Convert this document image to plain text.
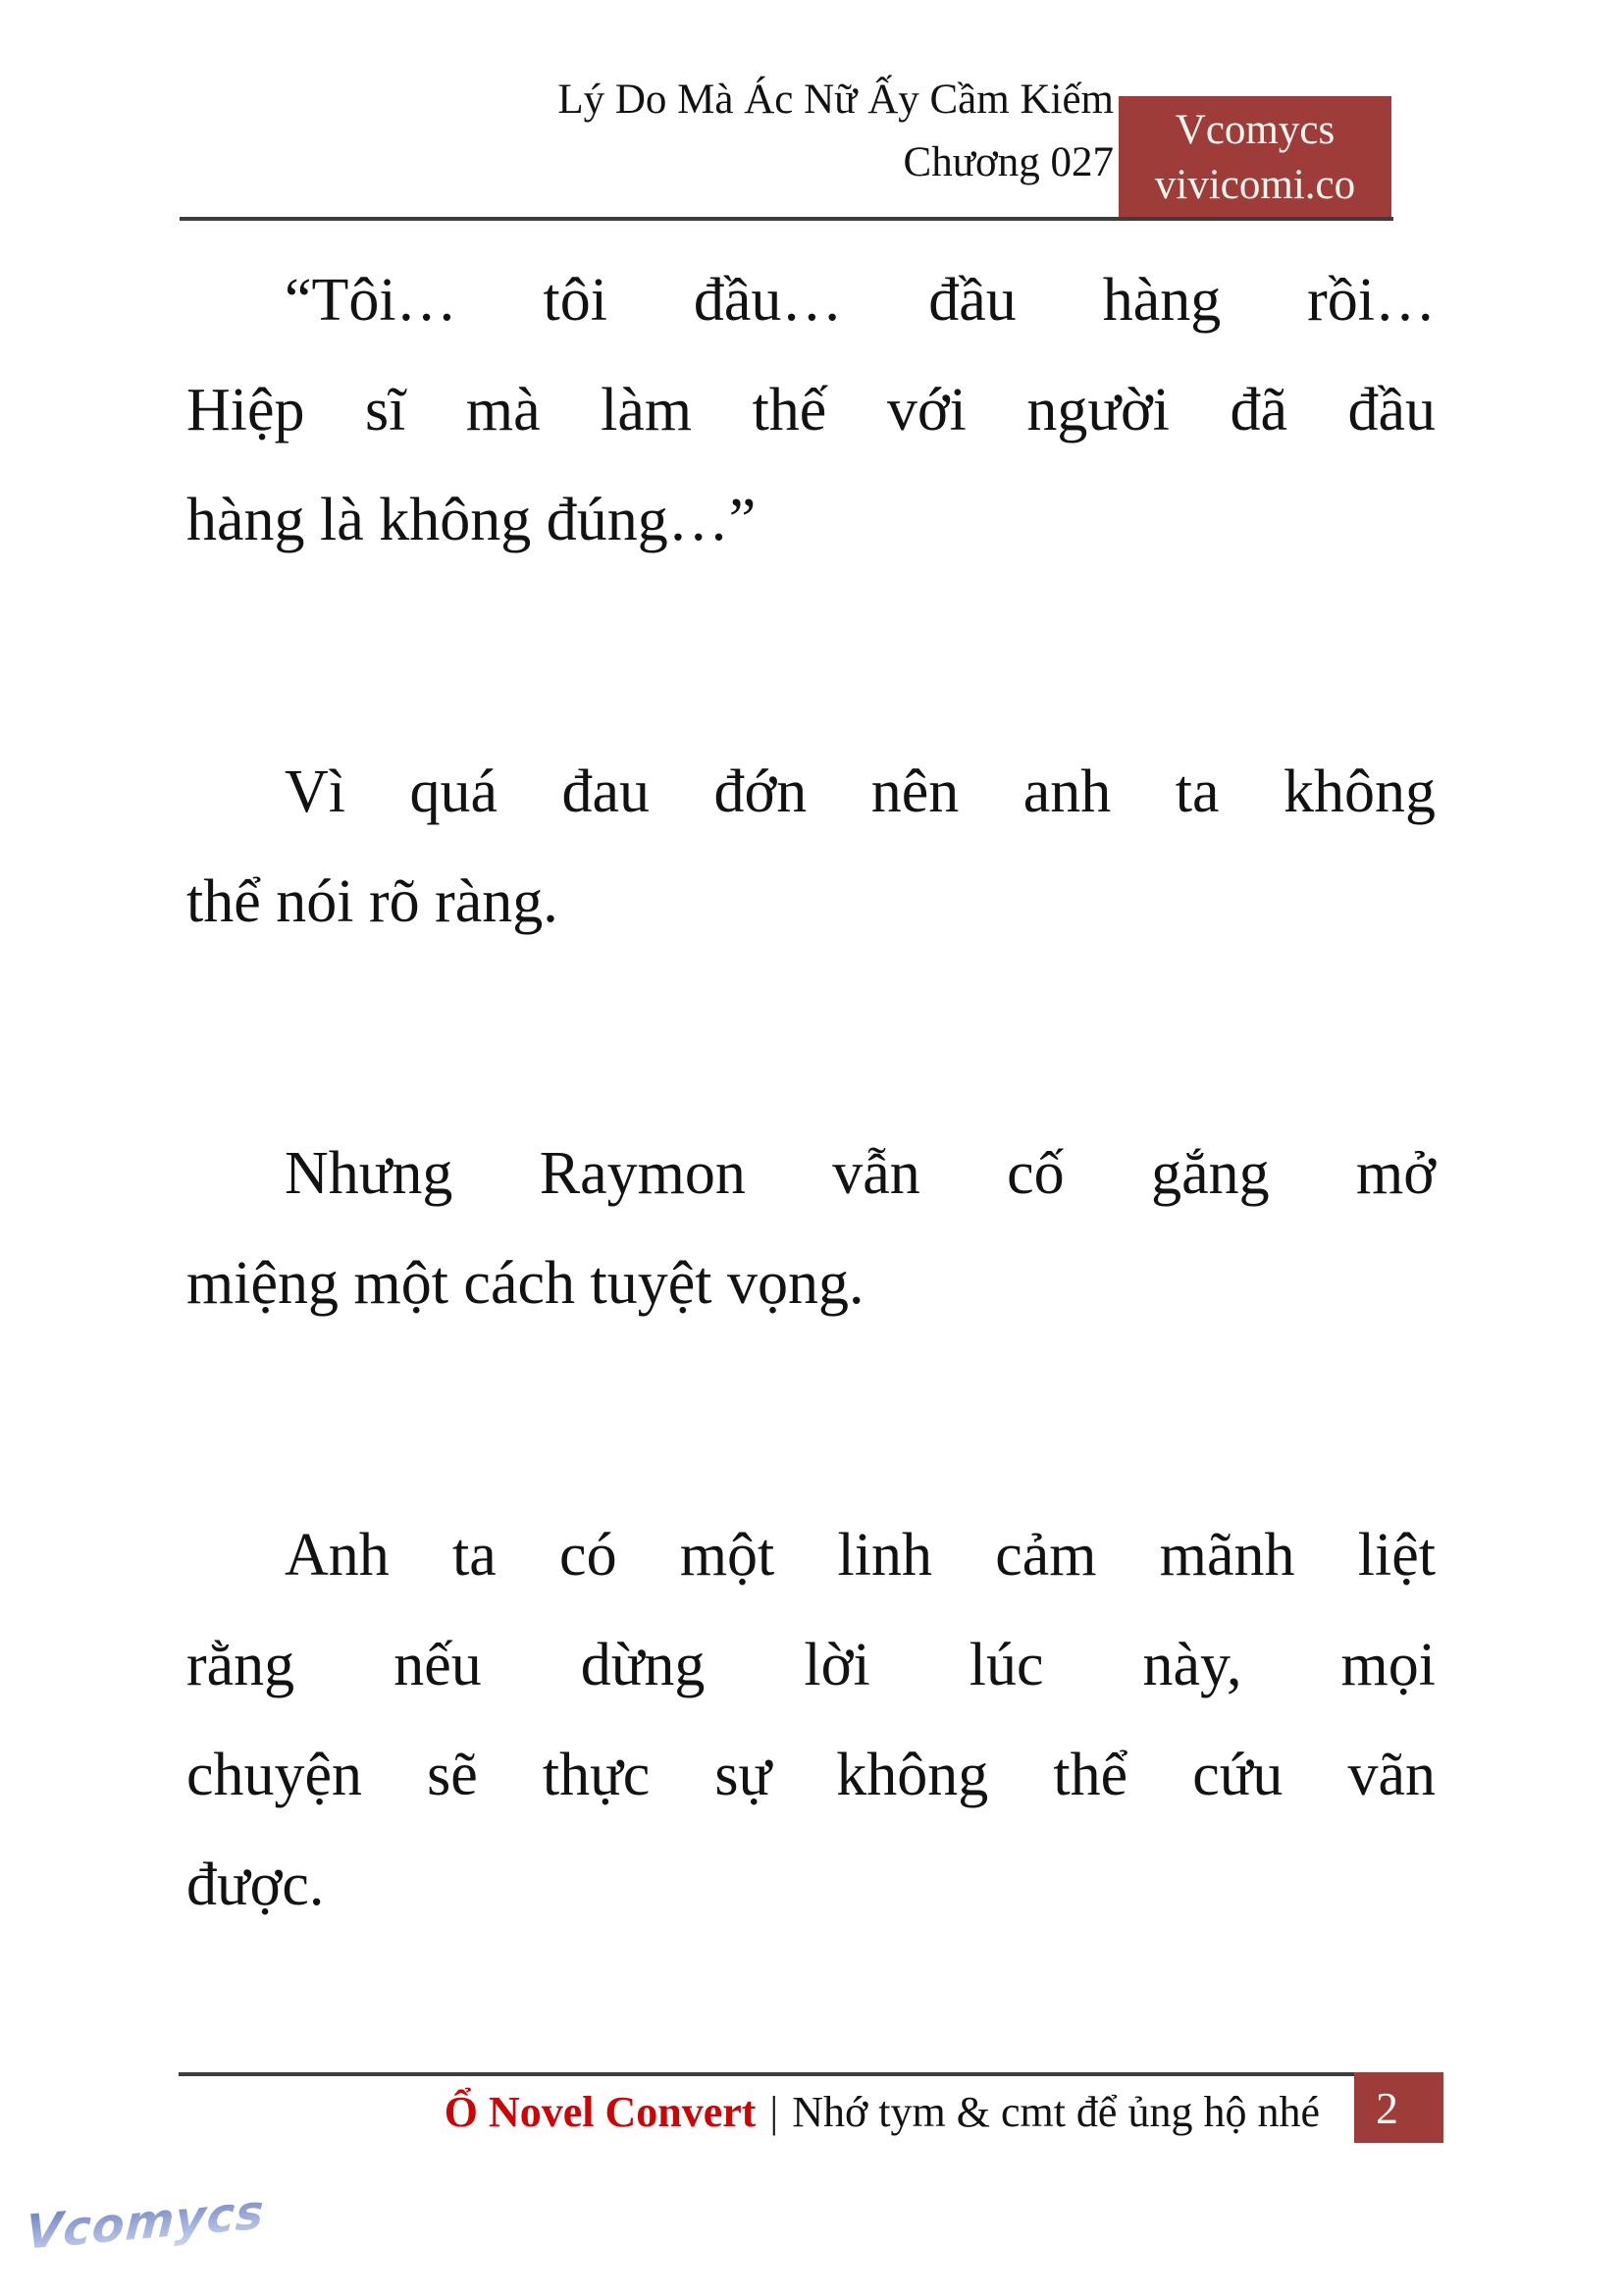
Lý Do Mà Ác Nữ Ấy Cầm Kiếm
Chương 027
Vcomycs
vivicomi.co

“Tôi… tôi đầu… đầu hàng rồi…
Hiệp sĩ mà làm thế với người đã đầu
hàng là không đúng…”

Vì quá đau đớn nên anh ta không
thể nói rõ ràng.

Nhưng Raymon vẫn cố gắng mở
miệng một cách tuyệt vọng.

Anh ta có một linh cảm mãnh liệt
rằng nếu dừng lời lúc này, mọi
chuyện sẽ thực sự không thể cứu vãn
được.

Ổ Novel Convert | Nhớ tym & cmt để ủng hộ nhé 2
Vcomycs
